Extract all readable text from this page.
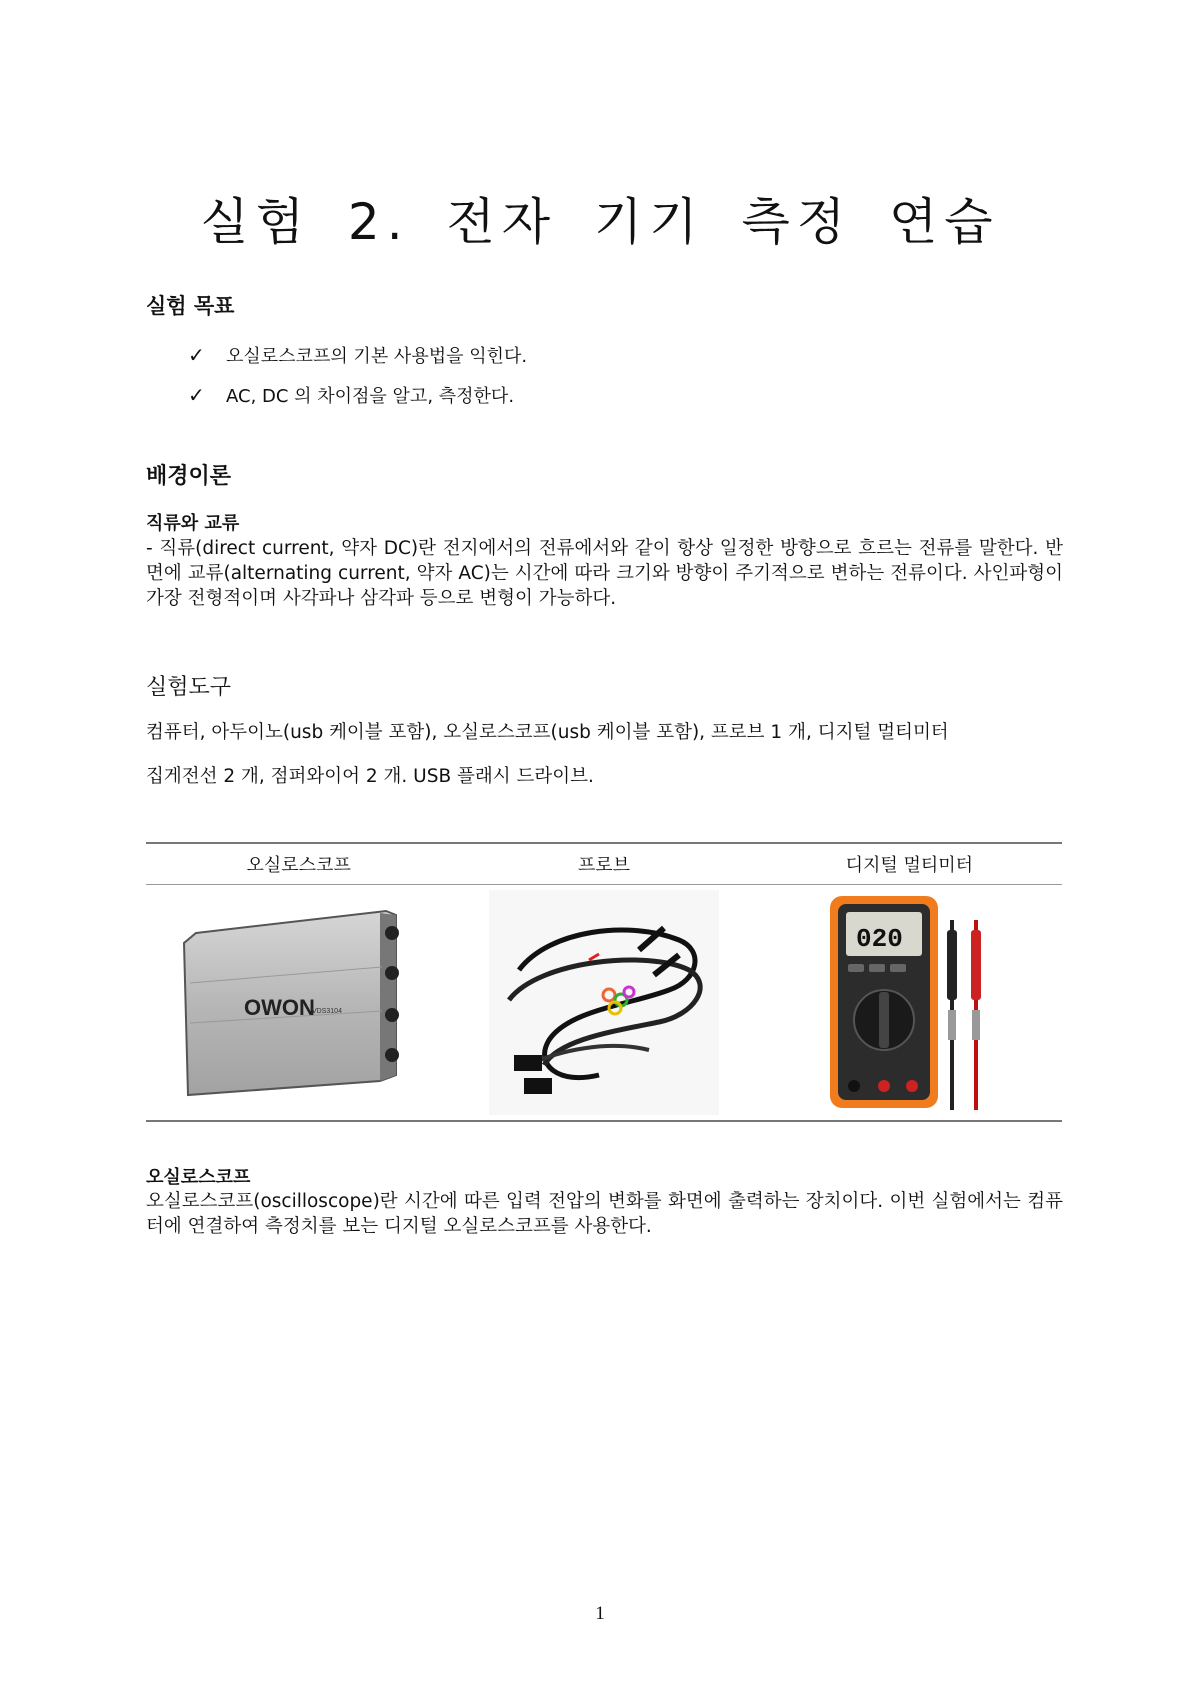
실험 2. 전자 기기 측정 연습
실험 목표
✓	오실로스코프의 기본 사용법을 익힌다.
✓	AC, DC 의 차이점을 알고, 측정한다.
배경이론
직류와 교류
- 직류(direct current, 약자 DC)란 전지에서의 전류에서와 같이 항상 일정한 방향으로 흐르는 전류를 말한다. 반면에 교류(alternating current, 약자 AC)는 시간에 따라 크기와 방향이 주기적으로 변하는 전류이다. 사인파형이 가장 전형적이며 사각파나 삼각파 등으로 변형이 가능하다.
실험도구
컴퓨터, 아두이노(usb 케이블 포함), 오실로스코프(usb 케이블 포함), 프로브 1 개, 디지털 멀티미터
집게전선 2 개, 점퍼와이어 2 개. USB 플래시 드라이브.
오실로스코프	프로브	디지털 멀티미터
OWON
VDS3104
020
오실로스코프
오실로스코프(oscilloscope)란 시간에 따른 입력 전압의 변화를 화면에 출력하는 장치이다. 이번 실험에서는 컴퓨터에 연결하여 측정치를 보는 디지털 오실로스코프를 사용한다.
1
